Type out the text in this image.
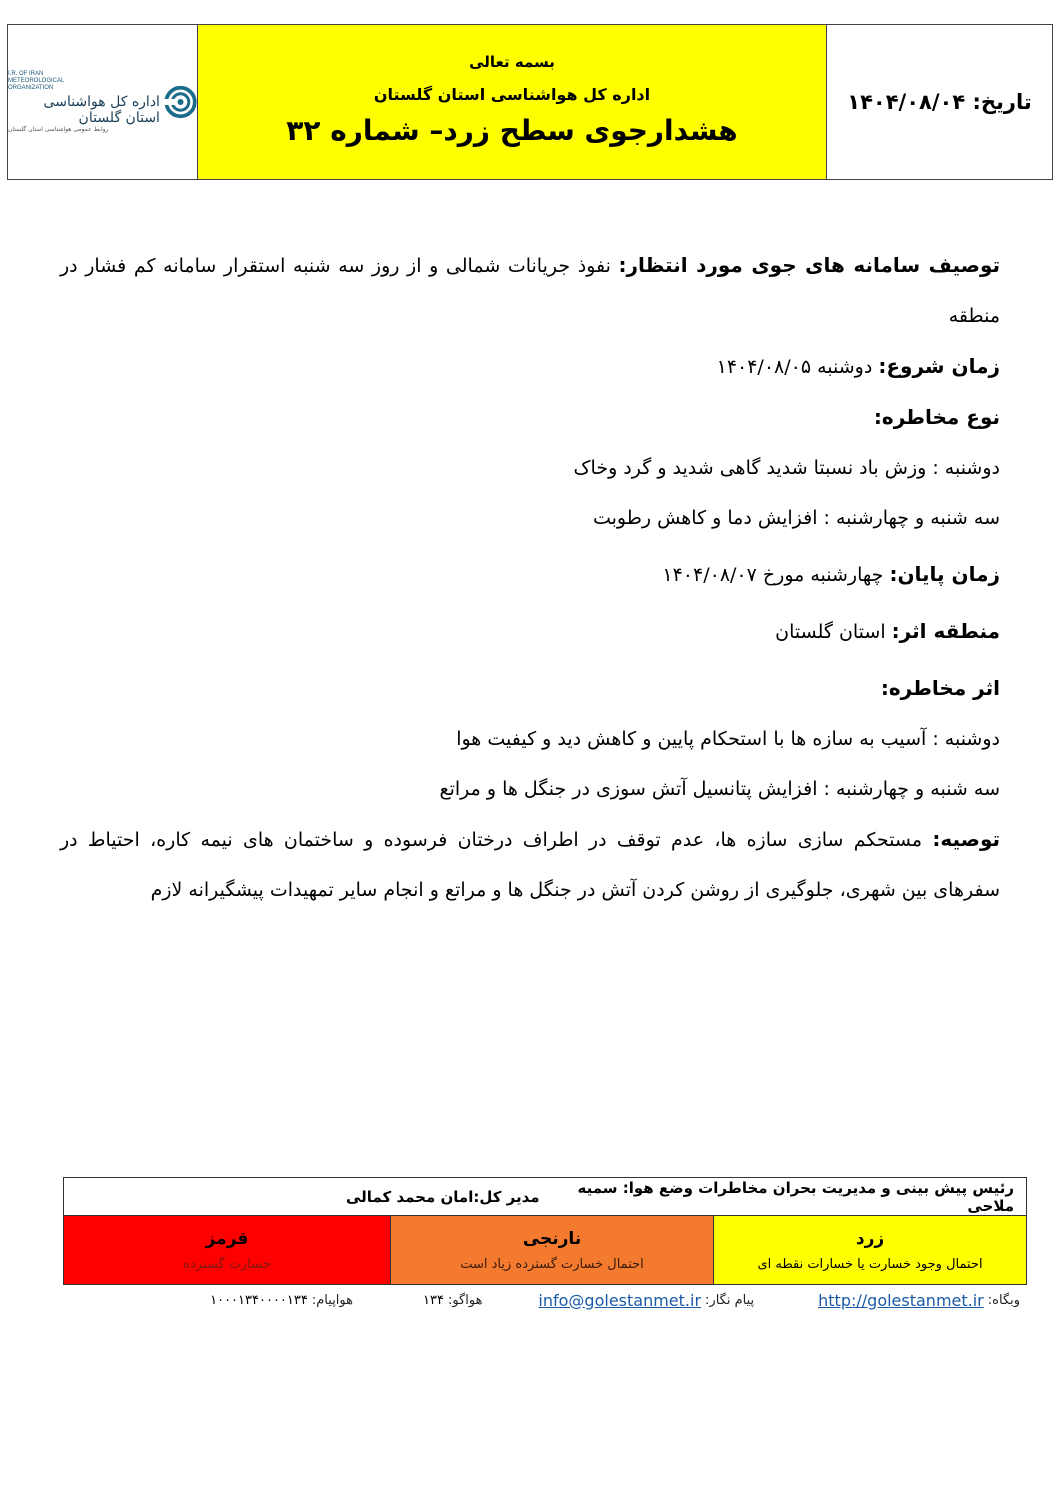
I.R. OF IRAN
METEOROLOGICAL
ORGANIZATION
اداره کل هواشناسی استان گلستان
روابط عمومی هواشناسی استان گلستان
بسمه تعالی
اداره کل هواشناسی استان گلستان
هشدارجوی سطح زرد– شماره ۳۲
تاریخ:

۱۴۰۴/۰۸/۰۴

توصیف سامانه های جوی مورد انتظار: نفوذ جریانات شمالی و از روز سه شنبه استقرار سامانه کم فشار در منطقه

زمان شروع: دوشنبه ۱۴۰۴/۰۸/۰۵

نوع مخاطره:

دوشنبه : وزش باد نسبتا شدید گاهی شدید و گرد وخاک

سه شنبه و چهارشنبه : افزایش دما و کاهش رطوبت

زمان پایان: چهارشنبه مورخ ۱۴۰۴/۰۸/۰۷

منطقه اثر: استان گلستان

اثر مخاطره:

دوشنبه : آسیب به سازه ها با استحکام پایین و کاهش دید و کیفیت هوا

سه شنبه و چهارشنبه : افزایش پتانسیل آتش سوزی در جنگل ها و مراتع

توصیه: مستحکم سازی سازه ها، عدم توقف در اطراف درختان فرسوده و ساختمان های نیمه کاره، احتیاط در سفرهای بین شهری، جلوگیری از روشن کردن آتش در جنگل ها و مراتع و انجام سایر تمهیدات پیشگیرانه لازم

رئیس پیش بینی و مدیریت بحران مخاطرات وضع هوا: سمیه ملاحی
مدیر کل:امان محمد کمالی
زرد
احتمال وجود خسارت یا خسارات نقطه ای
نارنجی
احتمال خسارت گسترده زیاد است
قرمز
خسارت گسترده
وبگاه:
http://golestanmet.ir
پیام نگار:
info@golestanmet.ir
هواگو:
۱۳۴
هواپیام:
۱۰۰۰۱۳۴۰۰۰۰۱۳۴
